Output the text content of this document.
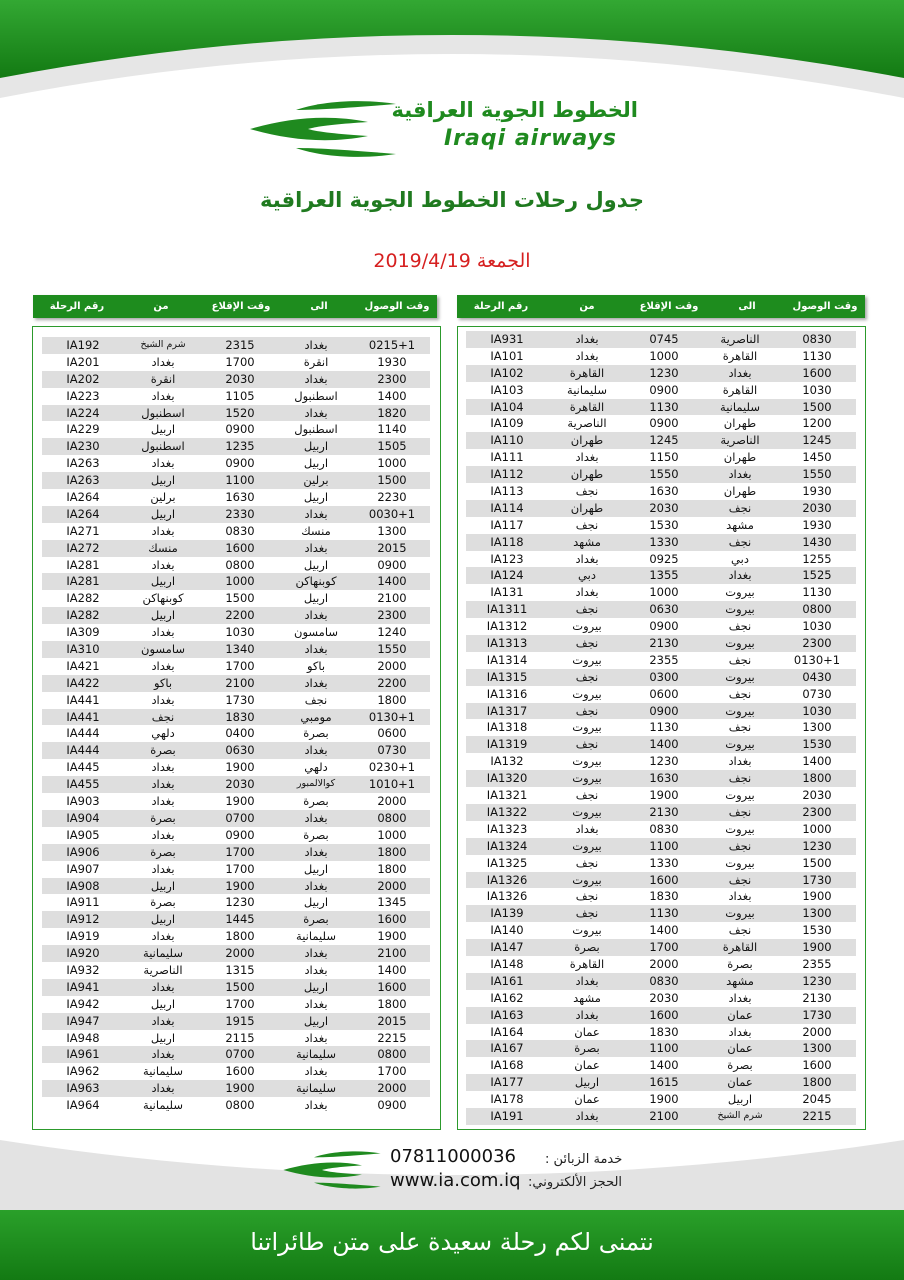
الخطوط الجوية العراقية
Iraqi airways
جدول رحلات الخطوط الجوية العراقية
الجمعة 2019/4/19
وقت الوصول
الى
وقت الإقلاع
من
رقم الرحلة	وقت الوصول
الى
وقت الإقلاع
من
رقم الرحلة
0215+1
بغداد
2315
شرم الشيخ
IA192
1930
انقرة
1700
بغداد
IA201
2300
بغداد
2030
انقرة
IA202
1400
اسطنبول
1105
بغداد
IA223
1820
بغداد
1520
اسطنبول
IA224
1140
اسطنبول
0900
اربيل
IA229
1505
اربيل
1235
اسطنبول
IA230
1000
اربيل
0900
بغداد
IA263
1500
برلين
1100
اربيل
IA263
2230
اربيل
1630
برلين
IA264
0030+1
بغداد
2330
اربيل
IA264
1300
منسك
0830
بغداد
IA271
2015
بغداد
1600
منسك
IA272
0900
اربيل
0800
بغداد
IA281
1400
كوبنهاكن
1000
اربيل
IA281
2100
اربيل
1500
كوبنهاكن
IA282
2300
بغداد
2200
اربيل
IA282
1240
سامسون
1030
بغداد
IA309
1550
بغداد
1340
سامسون
IA310
2000
باكو
1700
بغداد
IA421
2200
بغداد
2100
باكو
IA422
1800
نجف
1730
بغداد
IA441
0130+1
مومبي
1830
نجف
IA441
0600
بصرة
0400
دلهي
IA444
0730
بغداد
0630
بصرة
IA444
0230+1
دلهي
1900
بغداد
IA445
1010+1
كوالالمبور
2030
بغداد
IA455
2000
بصرة
1900
بغداد
IA903
0800
بغداد
0700
بصرة
IA904
1000
بصرة
0900
بغداد
IA905
1800
بغداد
1700
بصرة
IA906
1800
اربيل
1700
بغداد
IA907
2000
بغداد
1900
اربيل
IA908
1345
اربيل
1230
بصرة
IA911
1600
بصرة
1445
اربيل
IA912
1900
سليمانية
1800
بغداد
IA919
2100
بغداد
2000
سليمانية
IA920
1400
بغداد
1315
الناصرية
IA932
1600
اربيل
1500
بغداد
IA941
1800
بغداد
1700
اربيل
IA942
2015
اربيل
1915
بغداد
IA947
2215
بغداد
2115
اربيل
IA948
0800
سليمانية
0700
بغداد
IA961
1700
بغداد
1600
سليمانية
IA962
2000
سليمانية
1900
بغداد
IA963
0900
بغداد
0800
سليمانية
IA964
0830
الناصرية
0745
بغداد
IA931
1130
القاهرة
1000
بغداد
IA101
1600
بغداد
1230
القاهرة
IA102
1030
القاهرة
0900
سليمانية
IA103
1500
سليمانية
1130
القاهرة
IA104
1200
طهران
0900
الناصرية
IA109
1245
الناصرية
1245
طهران
IA110
1450
طهران
1150
بغداد
IA111
1550
بغداد
1550
طهران
IA112
1930
طهران
1630
نجف
IA113
2030
نجف
2030
طهران
IA114
1930
مشهد
1530
نجف
IA117
1430
نجف
1330
مشهد
IA118
1255
دبي
0925
بغداد
IA123
1525
بغداد
1355
دبي
IA124
1130
بيروت
1000
بغداد
IA131
0800
بيروت
0630
نجف
IA1311
1030
نجف
0900
بيروت
IA1312
2300
بيروت
2130
نجف
IA1313
0130+1
نجف
2355
بيروت
IA1314
0430
بيروت
0300
نجف
IA1315
0730
نجف
0600
بيروت
IA1316
1030
بيروت
0900
نجف
IA1317
1300
نجف
1130
بيروت
IA1318
1530
بيروت
1400
نجف
IA1319
1400
بغداد
1230
بيروت
IA132
1800
نجف
1630
بيروت
IA1320
2030
بيروت
1900
نجف
IA1321
2300
نجف
2130
بيروت
IA1322
1000
بيروت
0830
بغداد
IA1323
1230
نجف
1100
بيروت
IA1324
1500
بيروت
1330
نجف
IA1325
1730
نجف
1600
بيروت
IA1326
1900
بغداد
1830
نجف
IA1326
1300
بيروت
1130
نجف
IA139
1530
نجف
1400
بيروت
IA140
1900
القاهرة
1700
بصرة
IA147
2355
بصرة
2000
القاهرة
IA148
1230
مشهد
0830
بغداد
IA161
2130
بغداد
2030
مشهد
IA162
1730
عمان
1600
بغداد
IA163
2000
بغداد
1830
عمان
IA164
1300
عمان
1100
بصرة
IA167
1600
بصرة
1400
عمان
IA168
1800
عمان
1615
اربيل
IA177
2045
اربيل
1900
عمان
IA178
2215
شرم الشيخ
2100
بغداد
IA191
خدمة الزبائن :
07811000036
الحجز الألكتروني:
www.ia.com.iq
نتمنى لكم رحلة سعيدة على متن طائراتنا
